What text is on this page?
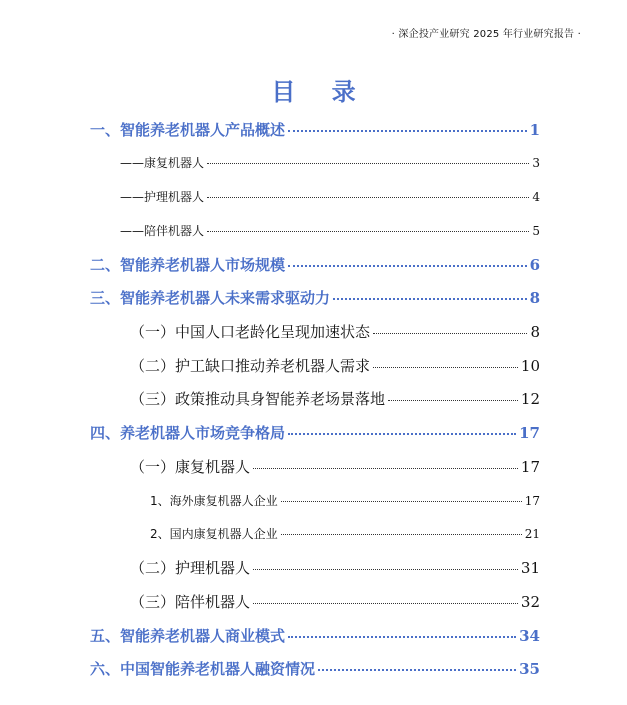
· 深企投产业研究 2025 年行业研究报告 ·
目 录
一、智能养老机器人产品概述	1
——康复机器人	3
——护理机器人	4
——陪伴机器人	5
二、智能养老机器人市场规模	6
三、智能养老机器人未来需求驱动力	8
（一）中国人口老龄化呈现加速状态	8
（二）护工缺口推动养老机器人需求	10
（三）政策推动具身智能养老场景落地	12
四、养老机器人市场竞争格局	17
（一）康复机器人	17
1、海外康复机器人企业	17
2、国内康复机器人企业	21
（二）护理机器人	31
（三）陪伴机器人	32
五、智能养老机器人商业模式	34
六、中国智能养老机器人融资情况	35
